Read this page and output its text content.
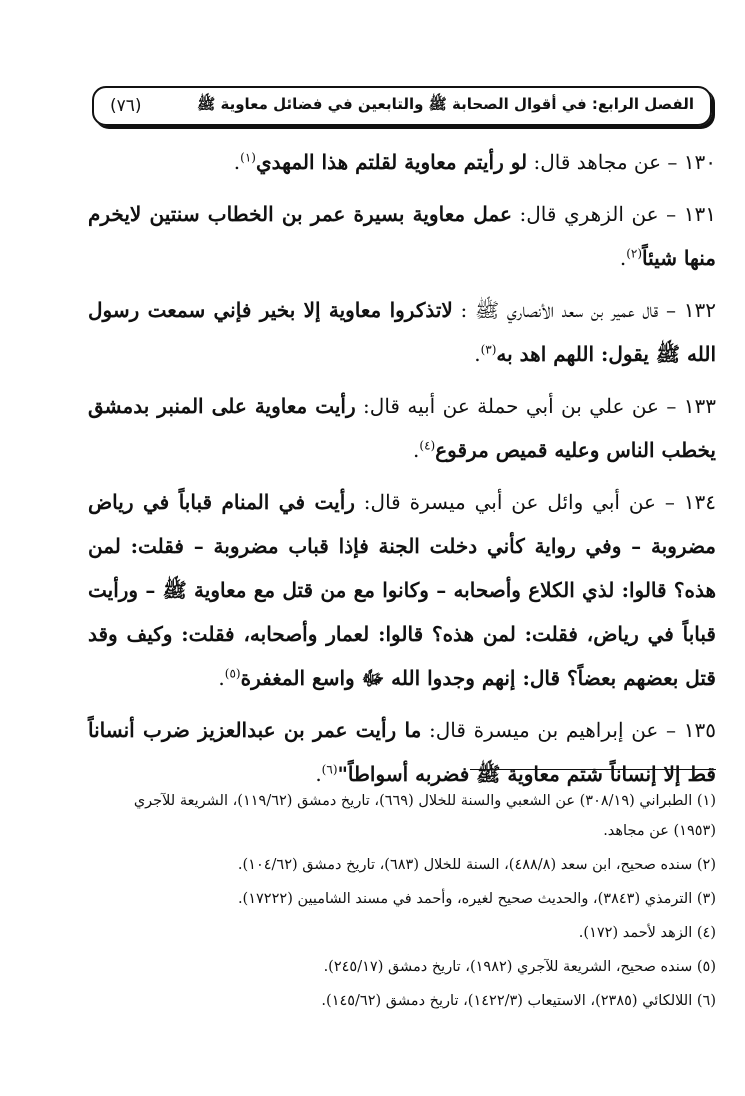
الفصل الرابع: في أقوال الصحابة ﷺ والتابعين في فضائل معاوية ﷺ
(٧٦)

١٣٠ – عن مجاهد قال: لو رأيتم معاوية لقلتم هذا المهدي$^{(١)}$.

١٣١ – عن الزهري قال: عمل معاوية بسيرة عمر بن الخطاب سنتين لايخرم منها شيئاً$^{(٢)}$.

١٣٢ – قال عمير بن سعد الأنصاري ﷺ : لاتذكروا معاوية إلا بخير فإني سمعت رسول الله ﷺ يقول: اللهم اهد به$^{(٣)}$.

١٣٣ – عن علي بن أبي حملة عن أبيه قال: رأيت معاوية على المنبر بدمشق يخطب الناس وعليه قميص مرقوع$^{(٤)}$.

١٣٤ – عن أبي وائل عن أبي ميسرة قال: رأيت في المنام قباباً في رياض مضروبة – وفي رواية كأني دخلت الجنة فإذا قباب مضروبة – فقلت: لمن هذه؟ قالوا: لذي الكلاع وأصحابه – وكانوا مع من قتل مع معاوية ﷺ – ورأيت قباباً في رياض، فقلت: لمن هذه؟ قالوا: لعمار وأصحابه، فقلت: وكيف وقد قتل بعضهم بعضاً؟ قال: إنهم وجدوا الله ﷻ واسع المغفرة$^{(٥)}$.

١٣٥ – عن إبراهيم بن ميسرة قال: ما رأيت عمر بن عبدالعزيز ضرب أنساناً قط إلا إنساناً شتم معاوية ﷺ فضربه أسواطاً"$^{(٦)}$.

(١) الطبراني (٣٠٨/١٩) عن الشعبي والسنة للخلال (٦٦٩)، تاريخ دمشق (١١٩/٦٢)، الشريعة للآجري (١٩٥٣) عن مجاهد.

(٢) سنده صحيح، ابن سعد (٤٨٨/٨)، السنة للخلال (٦٨٣)، تاريخ دمشق (١٠٤/٦٢).

(٣) الترمذي (٣٨٤٣)، والحديث صحيح لغيره، وأحمد في مسند الشاميين (١٧٢٢٢).

(٤) الزهد لأحمد (١٧٢).

(٥) سنده صحيح، الشريعة للآجري (١٩٨٢)، تاريخ دمشق (٢٤٥/١٧).

(٦) اللالكائي (٢٣٨٥)، الاستيعاب (١٤٢٢/٣)، تاريخ دمشق (١٤٥/٦٢).
